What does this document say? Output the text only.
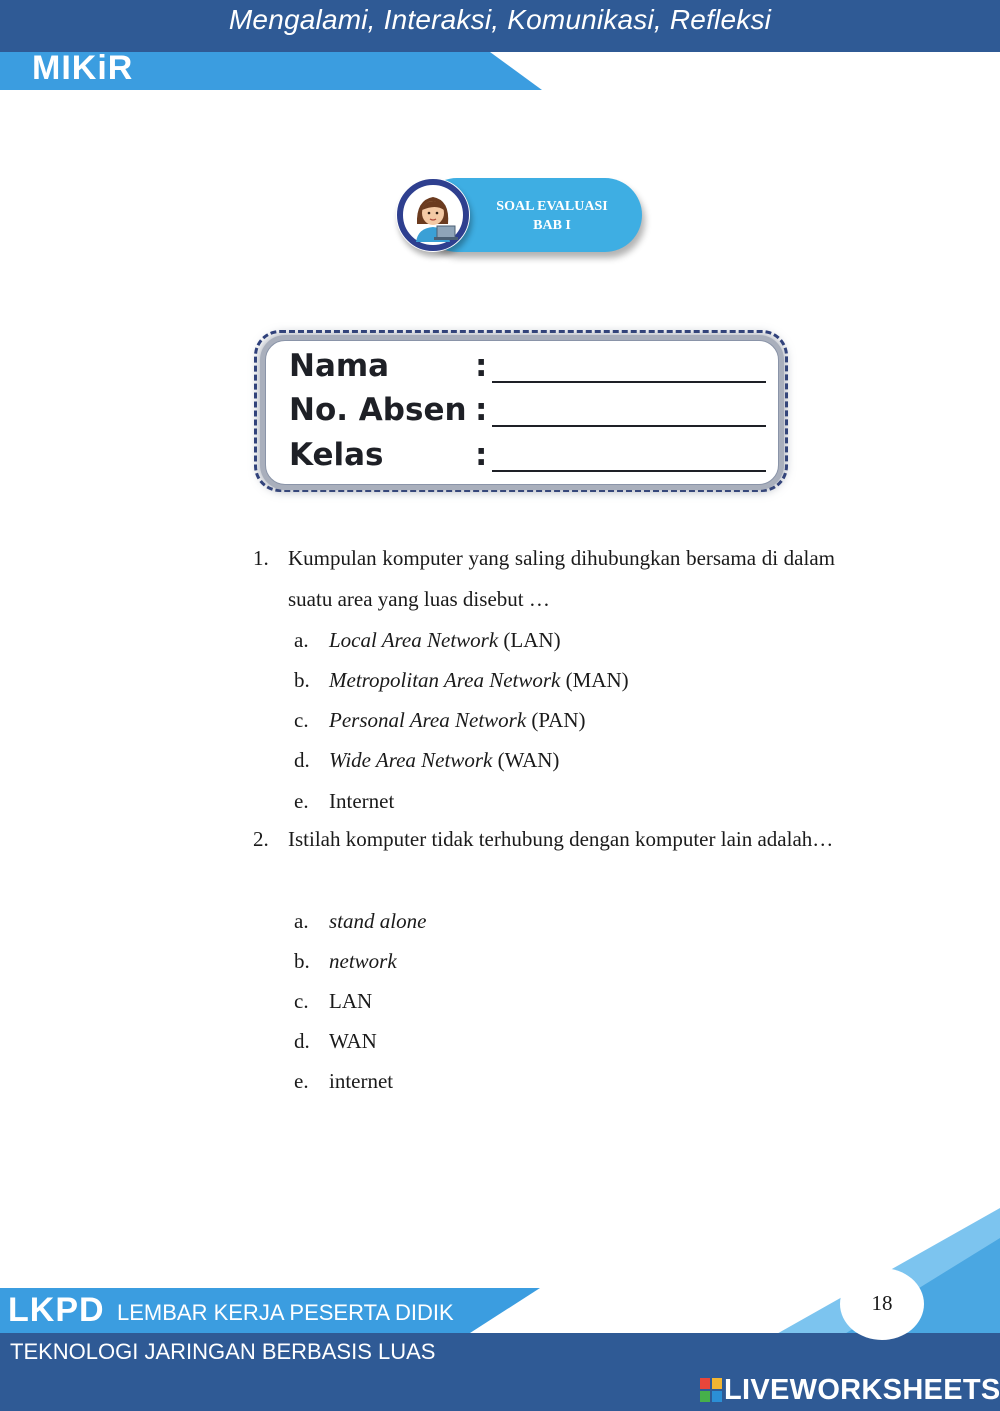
Mengalami, Interaksi, Komunikasi, Refleksi
MIKiR
SOAL EVALUASI
BAB I
Nama	:
No. Absen :
Kelas	:
1. Kumpulan komputer yang saling dihubungkan bersama di dalam suatu area yang luas disebut …
a. Local Area Network (LAN)
b. Metropolitan Area Network (MAN)
c. Personal Area Network (PAN)
d. Wide Area Network (WAN)
e. Internet
2. Istilah komputer tidak terhubung dengan komputer lain adalah…
a. stand alone
b. network
c. LAN
d. WAN
e. internet
LKPD LEMBAR KERJA PESERTA DIDIK
TEKNOLOGI JARINGAN BERBASIS LUAS
18
LIVEWORKSHEETS
